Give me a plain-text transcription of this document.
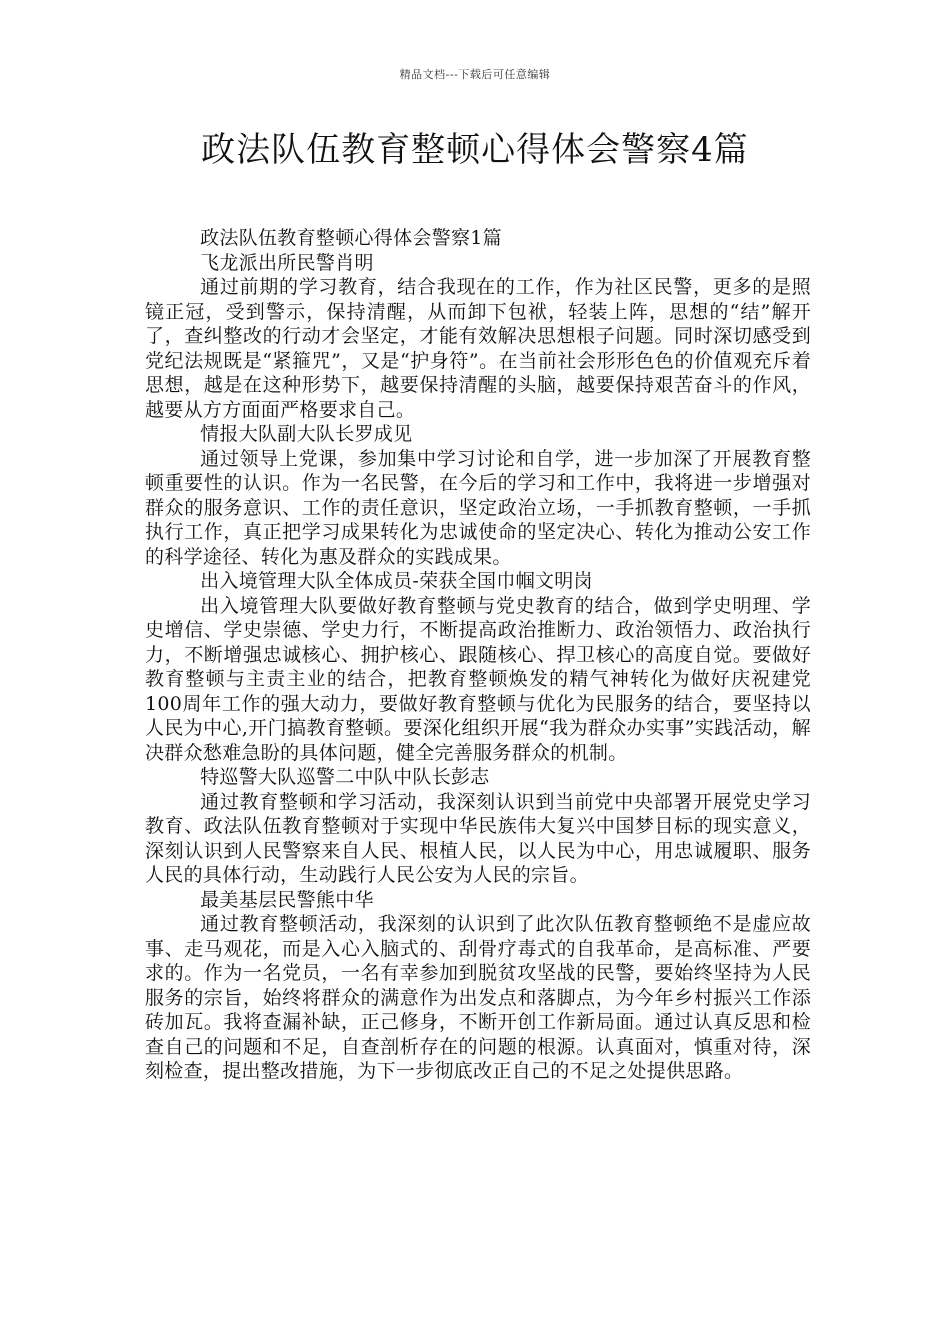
精品文档---下载后可任意编辑
政法队伍教育整顿心得体会警察4篇

政法队伍教育整顿心得体会警察1篇

飞龙派出所民警肖明

通过前期的学习教育，结合我现在的工作，作为社区民警，更多的是照镜正冠，受到警示，保持清醒，从而卸下包袱，轻装上阵，思想的“结”解开了，查纠整改的行动才会坚定，才能有效解决思想根子问题。同时深切感受到党纪法规既是“紧箍咒”，又是“护身符”。在当前社会形形色色的价值观充斥着思想，越是在这种形势下，越要保持清醒的头脑，越要保持艰苦奋斗的作风，越要从方方面面严格要求自己。

情报大队副大队长罗成见

通过领导上党课，参加集中学习讨论和自学，进一步加深了开展教育整顿重要性的认识。作为一名民警，在今后的学习和工作中，我将进一步增强对群众的服务意识、工作的责任意识，坚定政治立场，一手抓教育整顿，一手抓执行工作，真正把学习成果转化为忠诚使命的坚定决心、转化为推动公安工作的科学途径、转化为惠及群众的实践成果。

出入境管理大队全体成员-荣获全国巾帼文明岗

出入境管理大队要做好教育整顿与党史教育的结合，做到学史明理、学史增信、学史崇德、学史力行，不断提高政治推断力、政治领悟力、政治执行力，不断增强忠诚核心、拥护核心、跟随核心、捍卫核心的高度自觉。要做好教育整顿与主责主业的结合，把教育整顿焕发的精气神转化为做好庆祝建党100周年工作的强大动力，要做好教育整顿与优化为民服务的结合，要坚持以人民为中心,开门搞教育整顿。要深化组织开展“我为群众办实事”实践活动，解决群众愁难急盼的具体问题，健全完善服务群众的机制。

特巡警大队巡警二中队中队长彭志

通过教育整顿和学习活动，我深刻认识到当前党中央部署开展党史学习教育、政法队伍教育整顿对于实现中华民族伟大复兴中国梦目标的现实意义，深刻认识到人民警察来自人民、根植人民，以人民为中心，用忠诚履职、服务人民的具体行动，生动践行人民公安为人民的宗旨。

最美基层民警熊中华

通过教育整顿活动，我深刻的认识到了此次队伍教育整顿绝不是虚应故事、走马观花，而是入心入脑式的、刮骨疗毒式的自我革命，是高标准、严要求的。作为一名党员，一名有幸参加到脱贫攻坚战的民警，要始终坚持为人民服务的宗旨，始终将群众的满意作为出发点和落脚点，为今年乡村振兴工作添砖加瓦。我将查漏补缺，正己修身，不断开创工作新局面。通过认真反思和检查自己的问题和不足，自查剖析存在的问题的根源。认真面对，慎重对待，深刻检查，提出整改措施，为下一步彻底改正自己的不足之处提供思路。
